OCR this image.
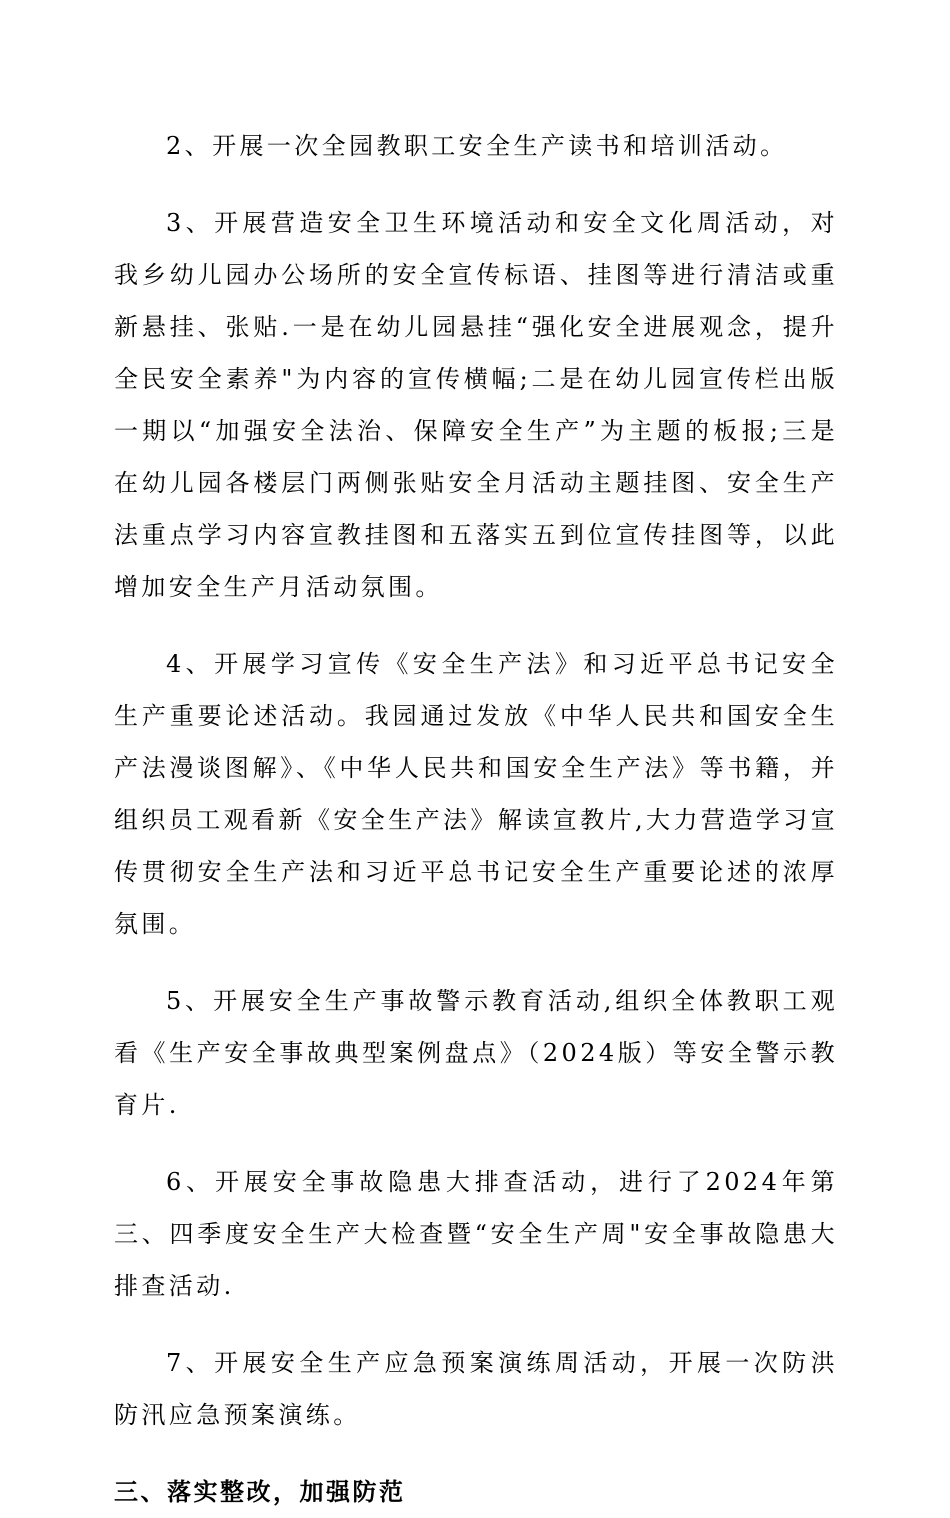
2、开展一次全园教职工安全生产读书和培训活动。

3、开展营造安全卫生环境活动和安全文化周活动，对我乡幼儿园办公场所的安全宣传标语、挂图等进行清洁或重新悬挂、张贴.一是在幼儿园悬挂“强化安全进展观念，提升全民安全素养"为内容的宣传横幅;二是在幼儿园宣传栏出版一期以“加强安全法治、保障安全生产”为主题的板报;三是在幼儿园各楼层门两侧张贴安全月活动主题挂图、安全生产法重点学习内容宣教挂图和五落实五到位宣传挂图等，以此增加安全生产月活动氛围。

4、开展学习宣传《安全生产法》和习近平总书记安全生产重要论述活动。我园通过发放《中华人民共和国安全生产法漫谈图解》、《中华人民共和国安全生产法》等书籍，并组织员工观看新《安全生产法》解读宣教片,大力营造学习宣传贯彻安全生产法和习近平总书记安全生产重要论述的浓厚氛围。

5、开展安全生产事故警示教育活动,组织全体教职工观看《生产安全事故典型案例盘点》（2024版）等安全警示教育片.

6、开展安全事故隐患大排查活动，进行了2024年第三、四季度安全生产大检查暨“安全生产周"安全事故隐患大排查活动.

7、开展安全生产应急预案演练周活动，开展一次防洪防汛应急预案演练。

三、落实整改，加强防范
